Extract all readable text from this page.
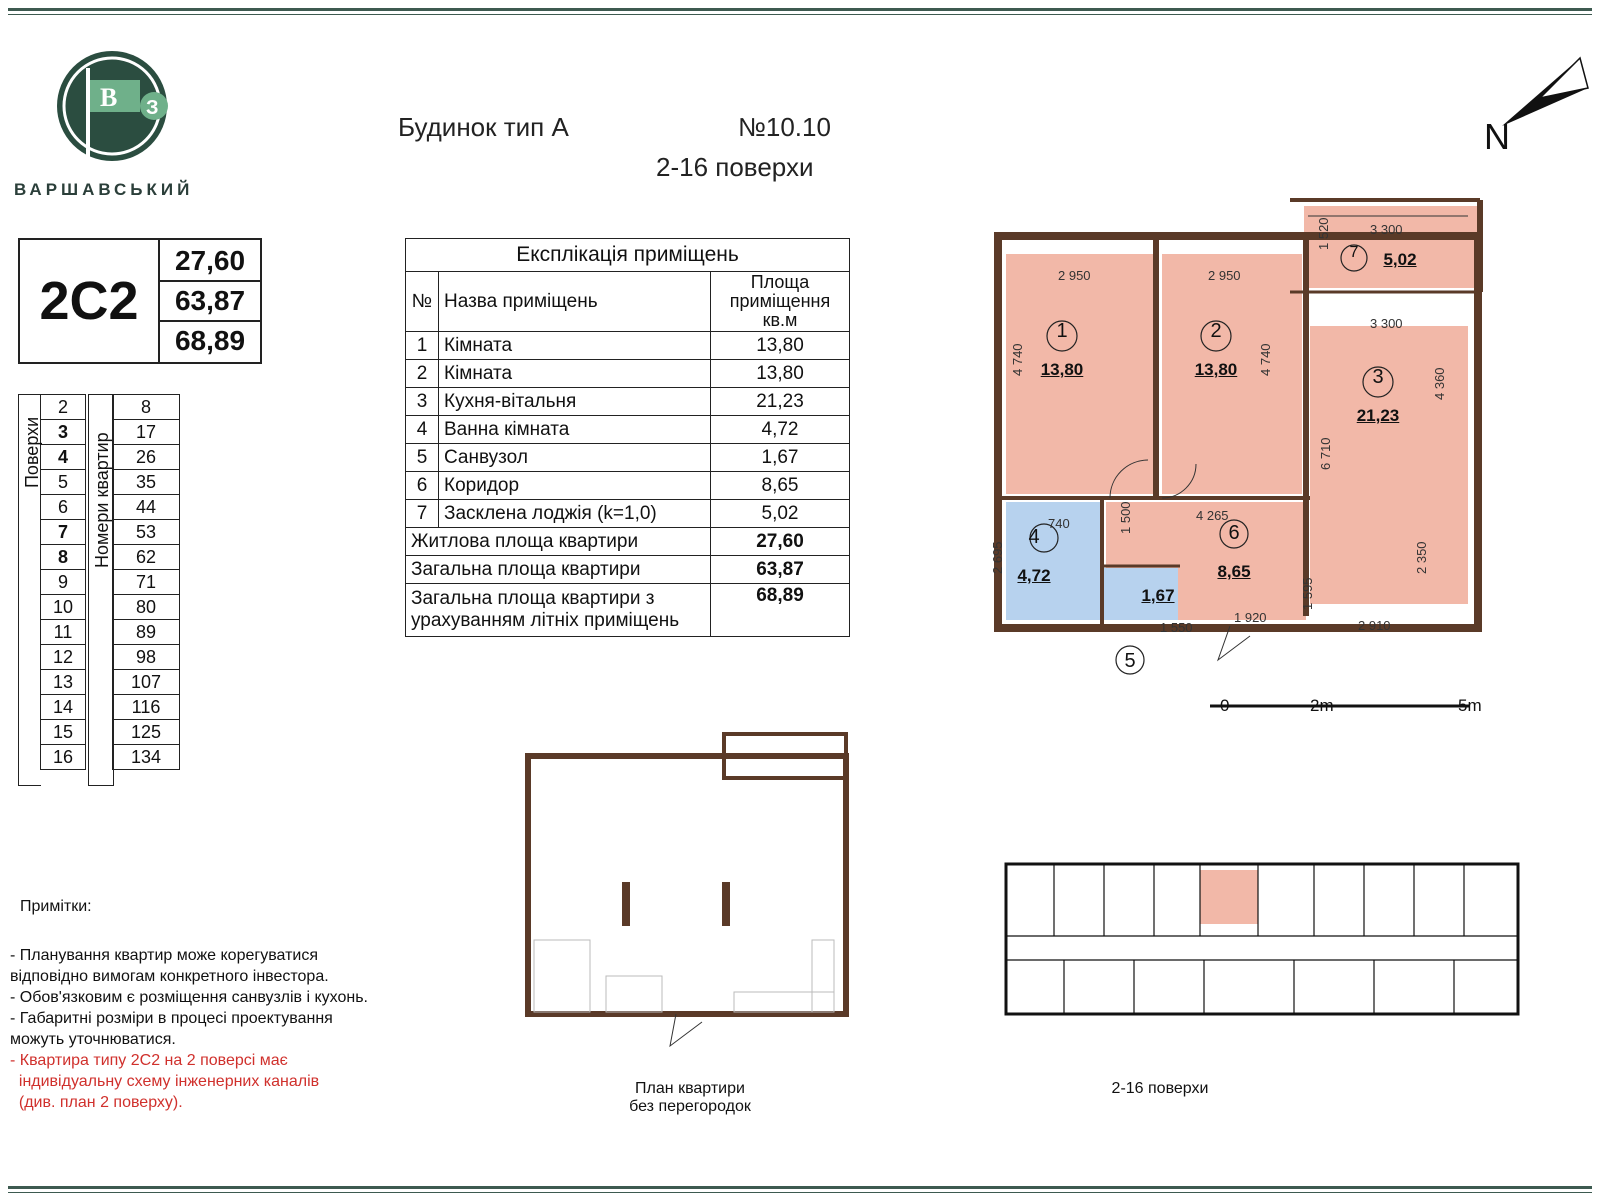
B З
ВАРШАВСЬКИЙ
Будинок тип А	№10.10
2-16 поверхи
N
2С2
27,60
63,87
68,89
2		8
3		17
4		26
5		35
6		44
7		53
8		62
9		71
10		80
11		89
12		98
13		107
14		116
15		125
16		134
Поверхи	Номери квартир
Експлікація приміщень		
№	Назва приміщень	Площа приміщення кв.м
1	Кімната	13,80
2	Кімната	13,80
3	Кухня-вітальня	21,23
4	Ванна кімната	4,72
5	Санвузол	1,67
6	Коридор	8,65
7	Засклена лоджія (k=1,0)	5,02
Житлова площа квартири		27,60
Загальна площа квартири		63,87
Загальна площа квартири з урахуванням літніх приміщень		68,89
1
13,80
2
13,80	3
21,23
4
4,72
1,67
6
8,65
7	5,02
5
2 950	2 950
3 300
3 300
4 740	4 740
4 360
6 710
4 265
1 500
2 695
1 920
2 910
2 350
1 595
1 520
1 550
740
0	2m	5m
Примітки:
- Планування квартир може корегуватися
відповідно вимогам конкретного інвестора.
- Обов'язковим є розміщення санвузлів і кухонь.
- Габаритні розміри в процесі проектування
можуть уточнюватися.
- Квартира типу 2С2 на 2 поверсі має
індивідуальну схему інженерних каналів
(див. план 2 поверху).
План квартири
без перегородок
2-16 поверхи
